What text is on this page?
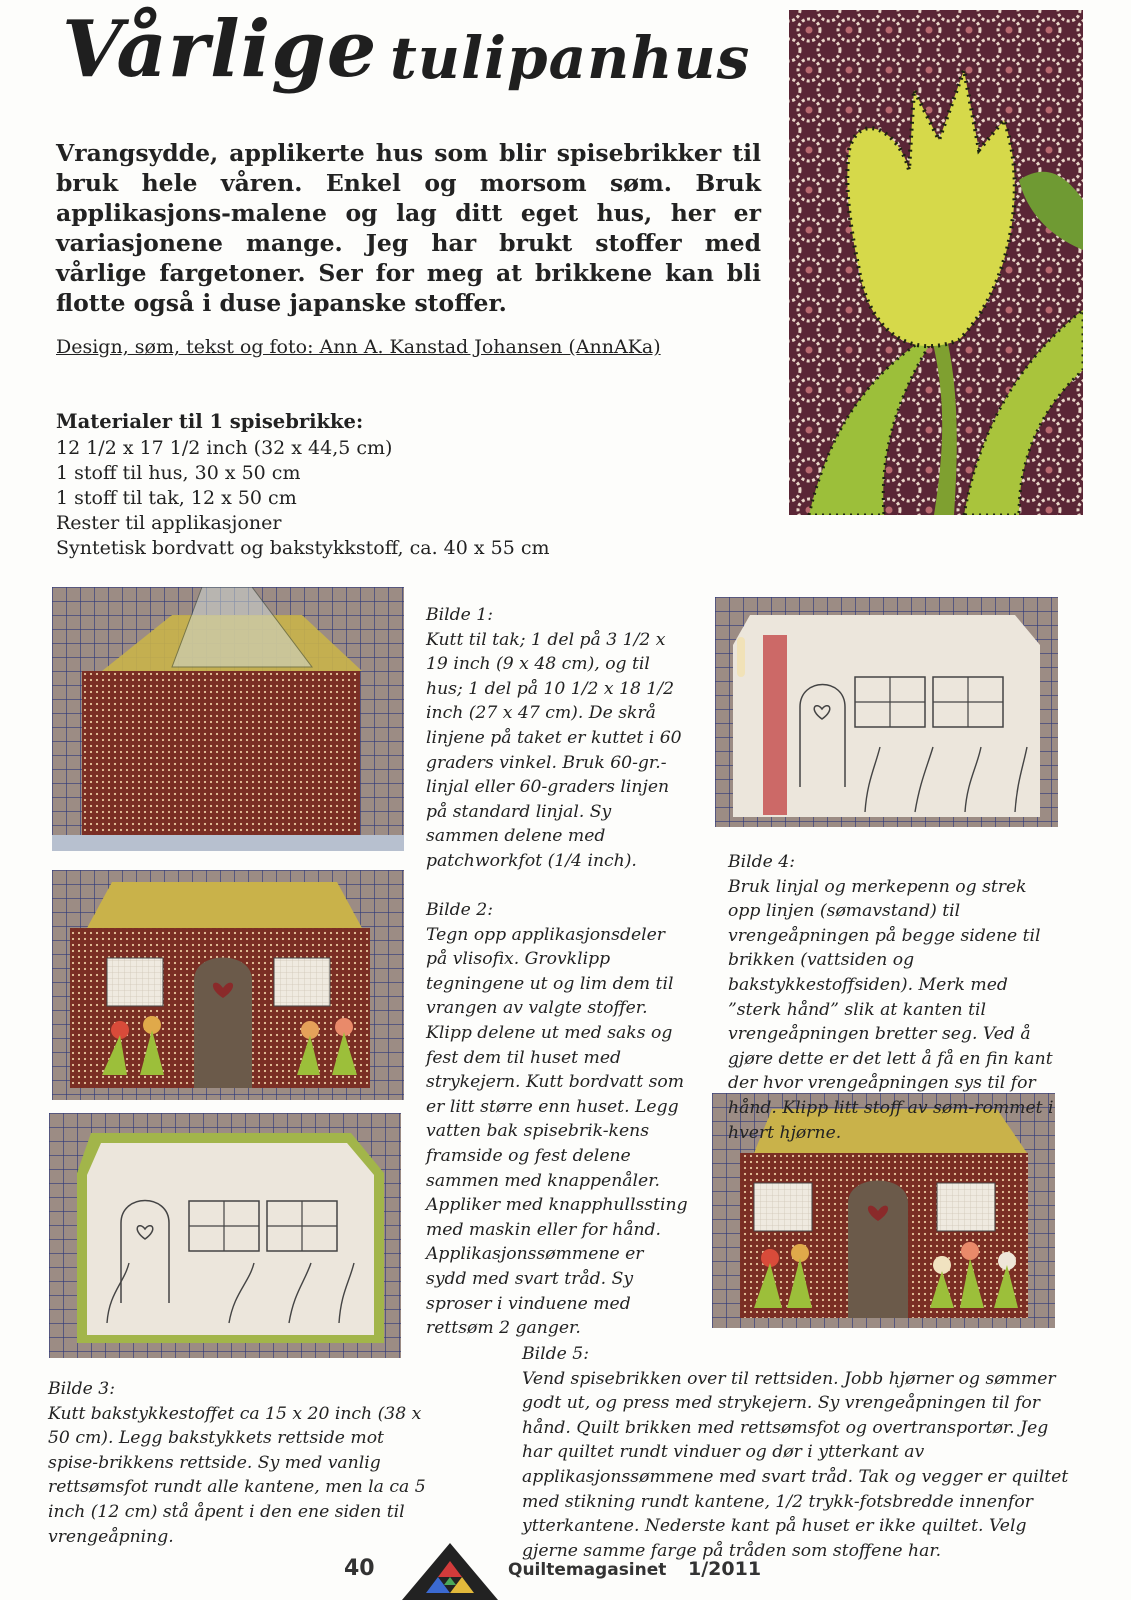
Vårlige tulipanhus
Vrangsydde, applikerte hus som blir spisebrikker til bruk hele våren. Enkel og morsom søm. Bruk applikasjons-malene og lag ditt eget hus, her er variasjonene mange. Jeg har brukt stoffer med vårlige fargetoner. Ser for meg at brikkene kan bli flotte også i duse japanske stoffer.
Design, søm, tekst og foto: Ann A. Kanstad Johansen (AnnAKa)
Materialer til 1 spisebrikke:
12 1/2 x 17 1/2 inch (32 x 44,5 cm)
1 stoff til hus, 30 x 50 cm
1 stoff til tak, 12 x 50 cm
Rester til applikasjoner
Syntetisk bordvatt og bakstykkstoff, ca. 40 x 55 cm
Bilde 1:
Kutt til tak; 1 del på 3 1/2 x 19 inch (9 x 48 cm), og til hus; 1 del på 10 1/2 x 18 1/2 inch (27 x 47 cm). De skrå linjene på taket er kuttet i 60 graders vinkel. Bruk 60-gr.-linjal eller 60-graders linjen på standard linjal. Sy sammen delene med patchworkfot (1/4 inch).
Bilde 2:
Tegn opp applikasjonsdeler på vlisofix. Grovklipp tegningene ut og lim dem til vrangen av valgte stoffer. Klipp delene ut med saks og fest dem til huset med strykejern. Kutt bordvatt som er litt større enn huset. Legg vatten bak spisebrik-kens framside og fest delene sammen med knappenåler. Appliker med knapphullssting med maskin eller for hånd. Applikasjonssømmene er sydd med svart tråd. Sy sproser i vinduene med rettsøm 2 ganger.
Bilde 3:
Kutt bakstykkestoffet ca 15 x 20 inch (38 x 50 cm). Legg bakstykkets rettside mot spise-brikkens rettside. Sy med vanlig rettsømsfot rundt alle kantene, men la ca 5 inch (12 cm) stå åpent i den ene siden til vrengeåpning.
Bilde 4:
Bruk linjal og merkepenn og strek opp linjen (sømavstand) til vrengeåpningen på begge sidene til brikken (vattsiden og bakstykkestoffsiden). Merk med ”sterk hånd” slik at kanten til vrengeåpningen bretter seg. Ved å gjøre dette er det lett å få en fin kant der hvor vrengeåpningen sys til for hånd. Klipp litt stoff av søm-rommet i hvert hjørne.
Bilde 5:
Vend spisebrikken over til rettsiden. Jobb hjørner og sømmer godt ut, og press med strykejern. Sy vrengeåpningen til for hånd. Quilt brikken med rettsømsfot og overtransportør. Jeg har quiltet rundt vinduer og dør i ytterkant av applikasjonssømmene med svart tråd. Tak og vegger er quiltet med stikning rundt kantene, 1/2 trykk-fotsbredde innenfor ytterkantene. Nederste kant på huset er ikke quiltet. Velg gjerne samme farge på tråden som stoffene har.
40	Quiltemagasinet 1/2011
